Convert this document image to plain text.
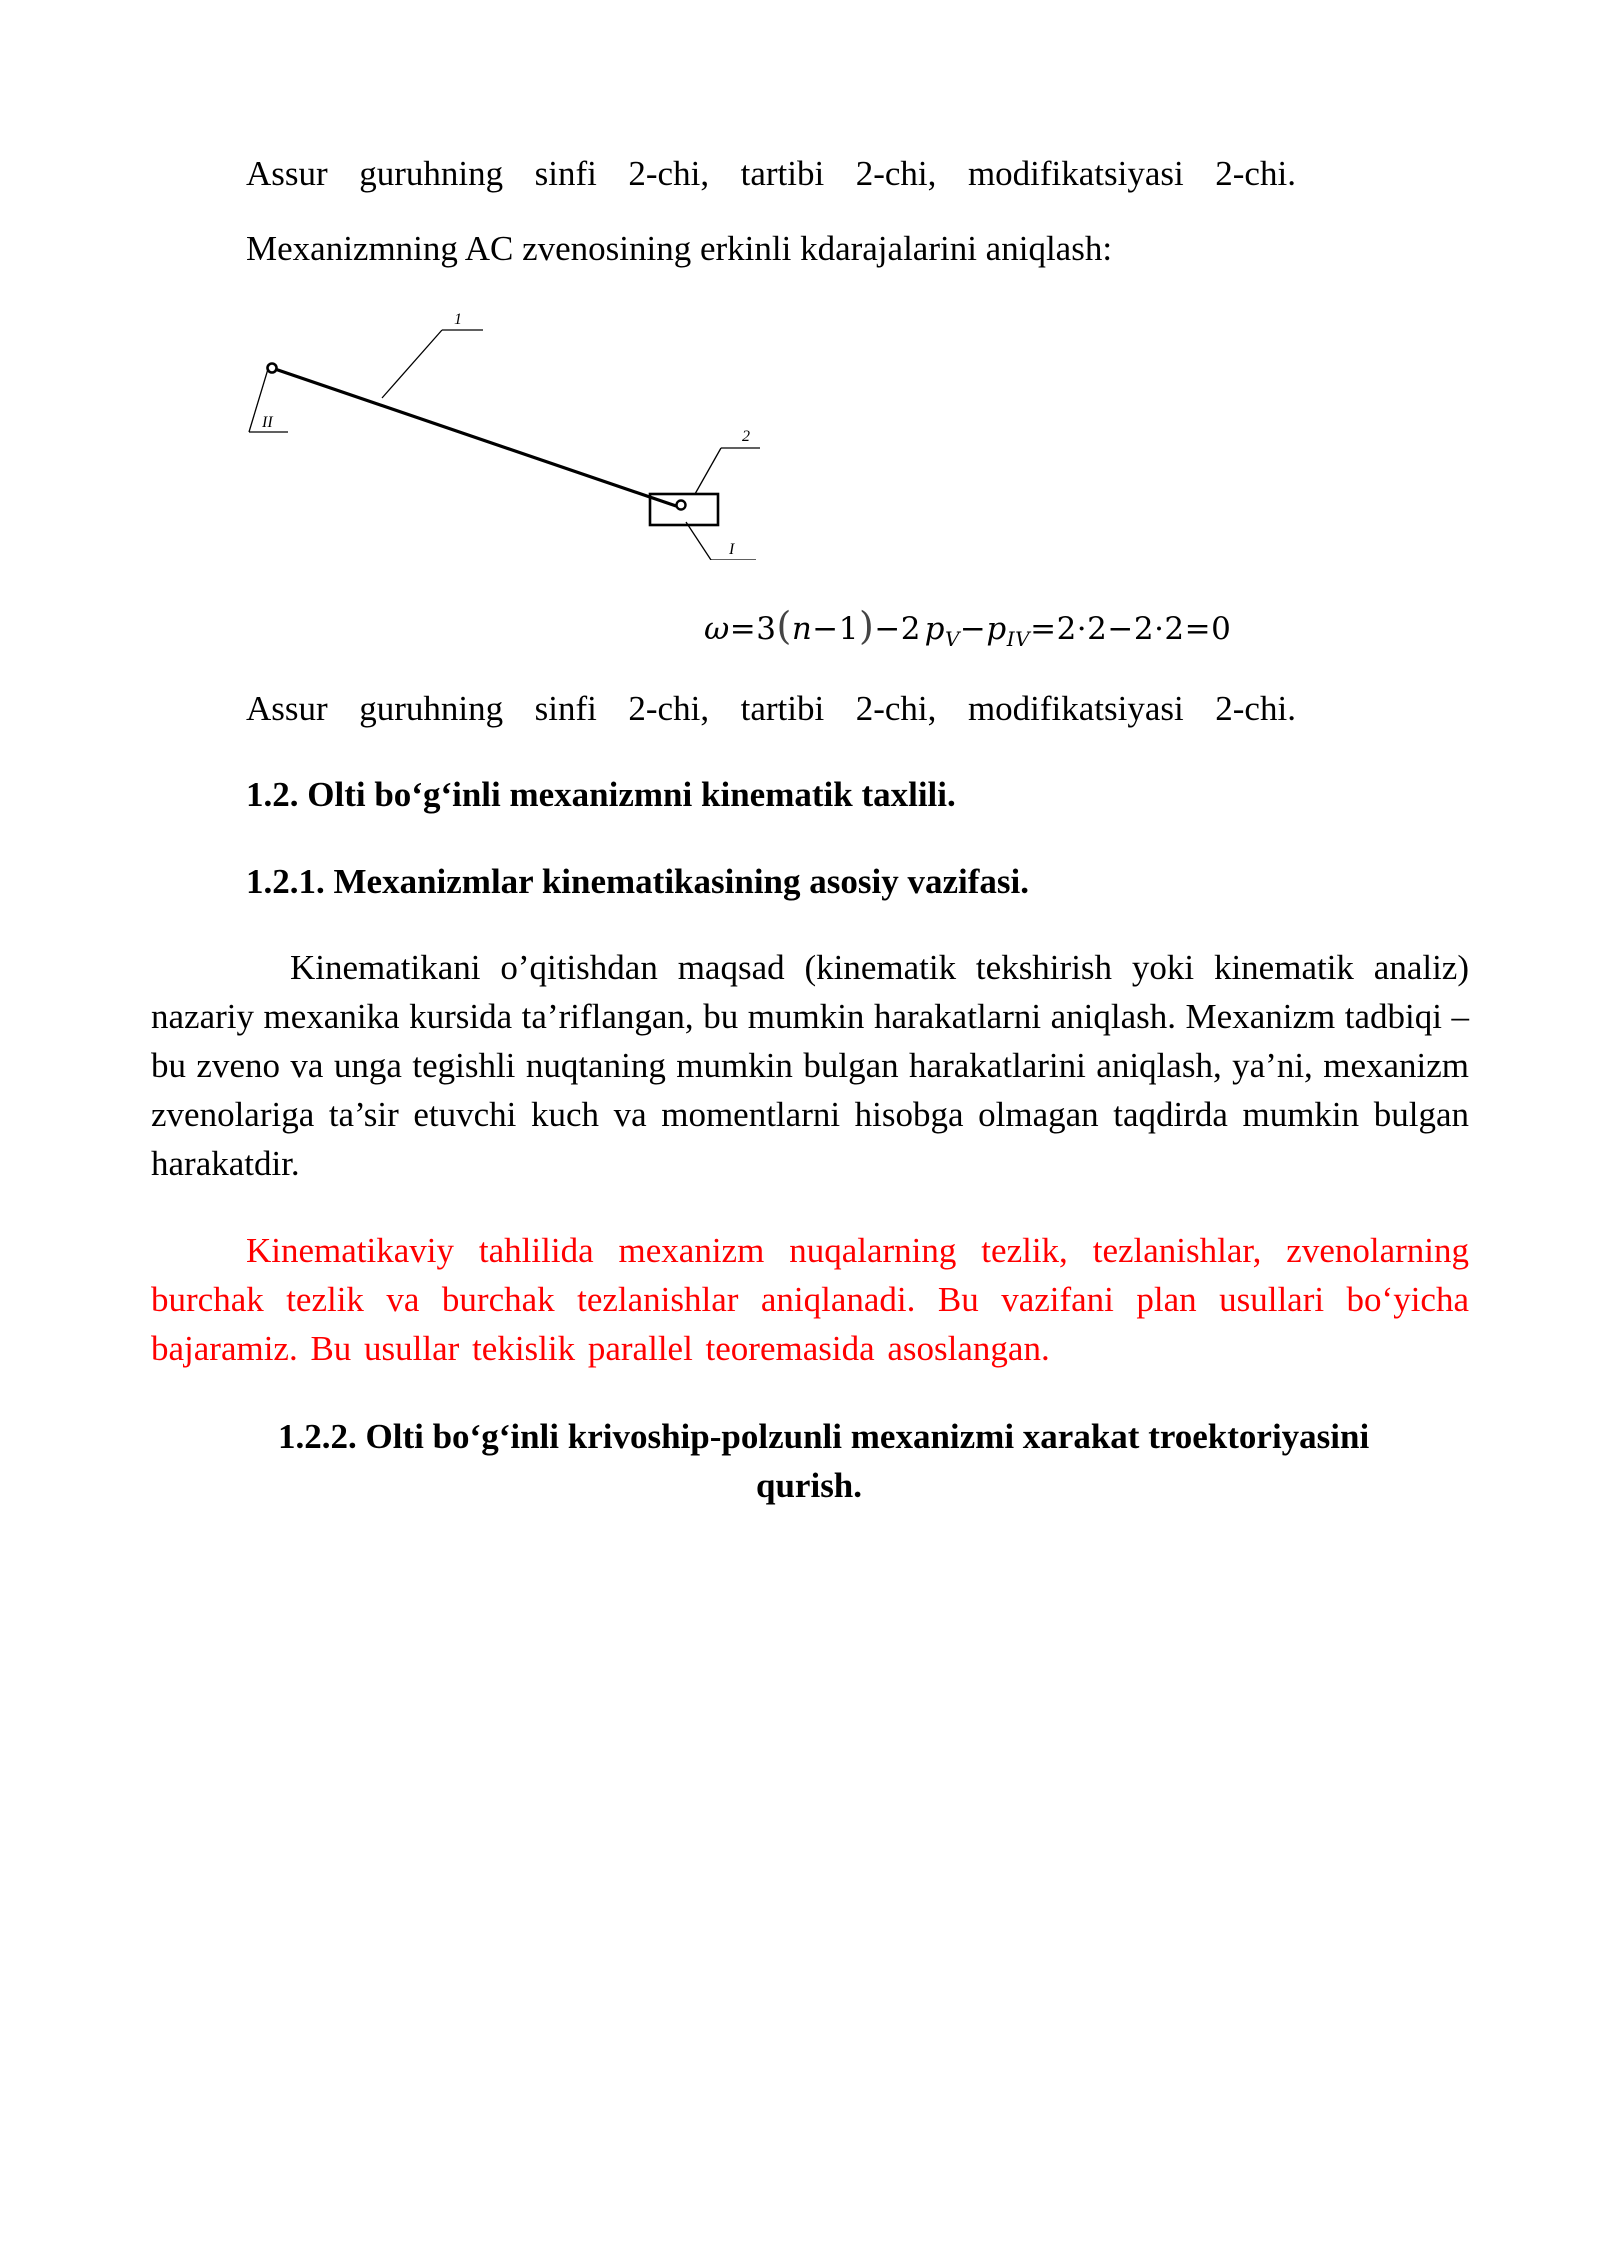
Assur guruhning sinfi 2-chi, tartibi 2-chi, modifikatsiyasi 2-chi.

Mexanizmning AC zvenosining erkinli kdarajalarini aniqlash:

1
II
2
I
ω=3(n−1)−2  $p_V-p_{IV}=2\cdot 2-2\cdot 2=0$
Assur guruhning sinfi 2-chi, tartibi 2-chi, modifikatsiyasi 2-chi.

1.2. Olti bo‘g‘inli mexanizmni kinematik taxlili.

1.2.1. Mexanizmlar kinematikasining asosiy vazifasi.

Kinematikani o’qitishdan maqsad (kinematik tekshirish yoki kinematik analiz) nazariy mexanika kursida ta’riflangan, bu mumkin harakatlarni aniqlash. Mexanizm tadbiqi – bu zveno va unga tegishli nuqtaning mumkin bulgan harakatlarini aniqlash, ya’ni, mexanizm zvenolariga ta’sir etuvchi kuch va momentlarni hisobga olmagan taqdirda mumkin bulgan harakatdir.

Kinematikaviy tahlilida mexanizm nuqalarning tezlik, tezlanishlar, zvenolarning burchak tezlik va burchak tezlanishlar aniqlanadi. Bu vazifani plan usullari bo‘yicha bajaramiz. Bu usullar tekislik parallel teoremasida asoslangan.

1.2.2. Olti bo‘g‘inli krivoship-polzunli mexanizmi xarakat troektoriyasini

qurish.
